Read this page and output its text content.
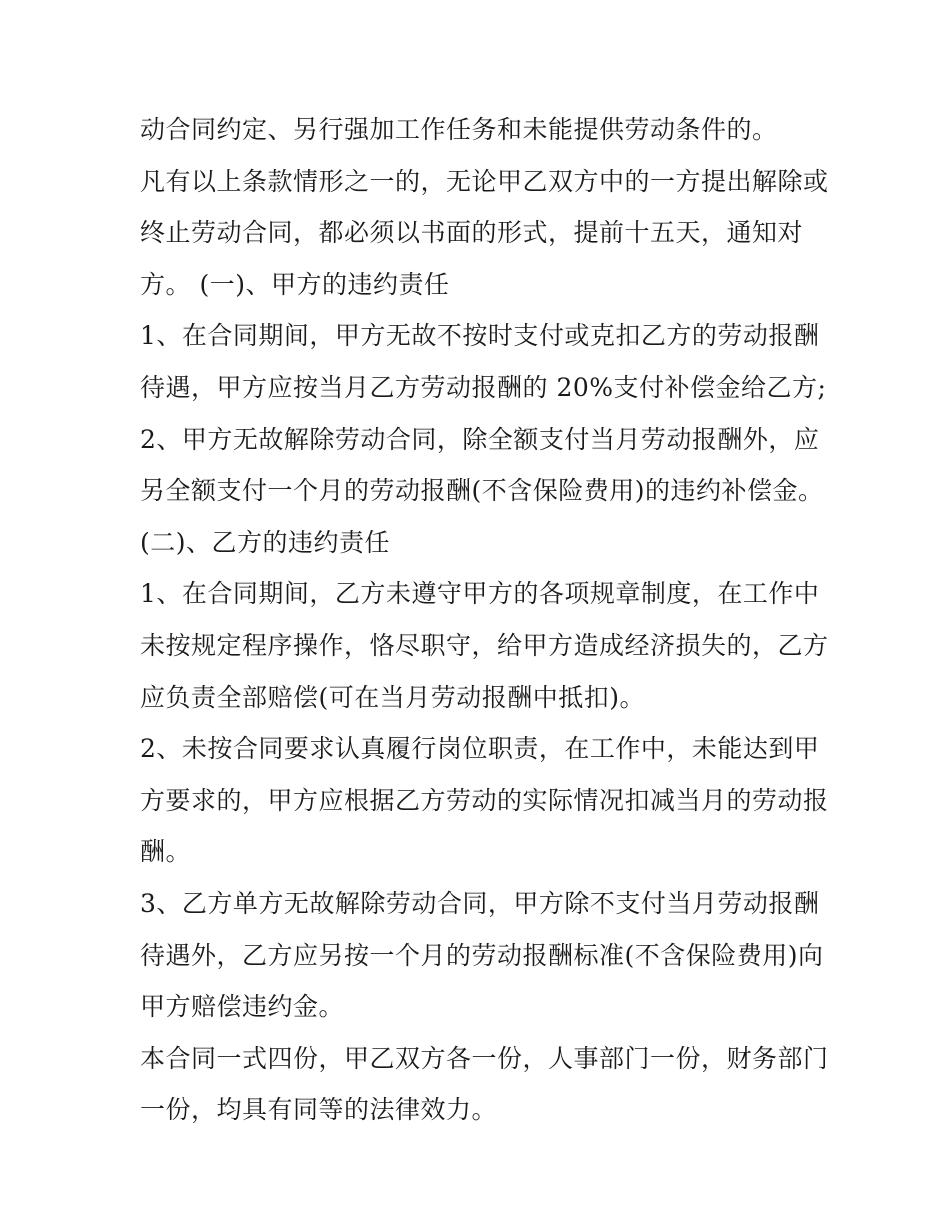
动合同约定、另行强加工作任务和未能提供劳动条件的。
凡有以上条款情形之一的，无论甲乙双方中的一方提出解除或
终止劳动合同，都必须以书面的形式，提前十五天，通知对
方。 (一)、甲方的违约责任
1、在合同期间，甲方无故不按时支付或克扣乙方的劳动报酬
待遇，甲方应按当月乙方劳动报酬的 20%支付补偿金给乙方;
2、甲方无故解除劳动合同，除全额支付当月劳动报酬外，应
另全额支付一个月的劳动报酬(不含保险费用)的违约补偿金。
(二)、乙方的违约责任
1、在合同期间，乙方未遵守甲方的各项规章制度，在工作中
未按规定程序操作，恪尽职守，给甲方造成经济损失的，乙方
应负责全部赔偿(可在当月劳动报酬中抵扣)。
2、未按合同要求认真履行岗位职责，在工作中，未能达到甲
方要求的，甲方应根据乙方劳动的实际情况扣减当月的劳动报
酬。
3、乙方单方无故解除劳动合同，甲方除不支付当月劳动报酬
待遇外，乙方应另按一个月的劳动报酬标准(不含保险费用)向
甲方赔偿违约金。
本合同一式四份，甲乙双方各一份，人事部门一份，财务部门
一份，均具有同等的法律效力。
